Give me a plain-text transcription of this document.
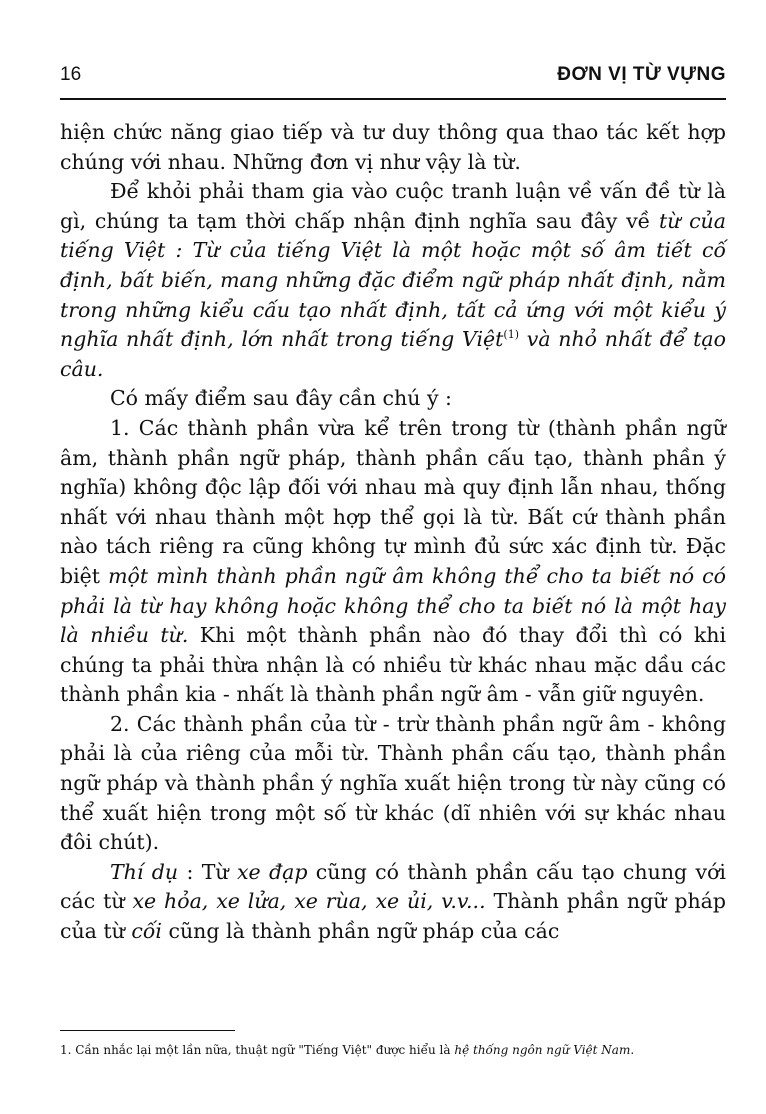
16	ĐƠN VỊ TỪ VỰNG

hiện chức năng giao tiếp và tư duy thông qua thao tác kết hợp chúng với nhau. Những đơn vị như vậy là từ.

Để khỏi phải tham gia vào cuộc tranh luận về vấn đề từ là gì, chúng ta tạm thời chấp nhận định nghĩa sau đây về từ của tiếng Việt : Từ của tiếng Việt là một hoặc một số âm tiết cố định, bất biến, mang những đặc điểm ngữ pháp nhất định, nằm trong những kiểu cấu tạo nhất định, tất cả ứng với một kiểu ý nghĩa nhất định, lớn nhất trong tiếng Việt$^{(1)}$ và nhỏ nhất để tạo câu.

Có mấy điểm sau đây cần chú ý :

1. Các thành phần vừa kể trên trong từ (thành phần ngữ âm, thành phần ngữ pháp, thành phần cấu tạo, thành phần ý nghĩa) không độc lập đối với nhau mà quy định lẫn nhau, thống nhất với nhau thành một hợp thể gọi là từ. Bất cứ thành phần nào tách riêng ra cũng không tự mình đủ sức xác định từ. Đặc biệt một mình thành phần ngữ âm không thể cho ta biết nó có phải là từ hay không hoặc không thể cho ta biết nó là một hay là nhiều từ. Khi một thành phần nào đó thay đổi thì có khi chúng ta phải thừa nhận là có nhiều từ khác nhau mặc dầu các thành phần kia - nhất là thành phần ngữ âm - vẫn giữ nguyên.

2. Các thành phần của từ - trừ thành phần ngữ âm - không phải là của riêng của mỗi từ. Thành phần cấu tạo, thành phần ngữ pháp và thành phần ý nghĩa xuất hiện trong từ này cũng có thể xuất hiện trong một số từ khác (dĩ nhiên với sự khác nhau đôi chút).

Thí dụ : Từ xe đạp cũng có thành phần cấu tạo chung với các từ xe hỏa, xe lửa, xe rùa, xe ủi, v.v... Thành phần ngữ pháp của từ cối cũng là thành phần ngữ pháp của các

1. Cần nhắc lại một lần nữa, thuật ngữ "Tiếng Việt" được hiểu là hệ thống ngôn ngữ Việt Nam.
